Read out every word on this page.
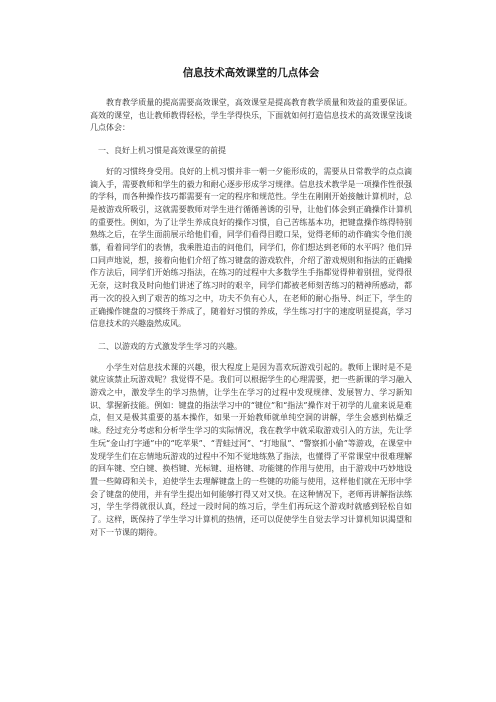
信息技术高效课堂的几点体会

教育教学质量的提高需要高效课堂，高效课堂是提高教育教学质量和效益的重要保证。高效的课堂，也让教师教得轻松，学生学得快乐，下面就如何打造信息技术的高效课堂浅谈几点体会：

一、良好上机习惯是高效课堂的前提

好的习惯终身受用。良好的上机习惯并非一朝一夕能形成的，需要从日常教学的点点滴滴入手，需要教师和学生的毅力和耐心逐步形成学习规律。信息技术教学是一项操作性很强的学科，而各种操作技巧都需要有一定的程序和规范性。学生在刚刚开始接触计算机时，总是被游戏所吸引，这就需要教师对学生进行循循善诱的引导，让他们体会到正确操作计算机的重要性。例如，为了让学生养成良好的操作习惯，自己苦练基本功，把键盘操作练得特别熟练之后，在学生面前展示给他们看，同学们看得目瞪口呆，觉得老师的动作确实令他们羡慕，看着同学们的表情，我乘胜追击的问他们，同学们，你们想达到老师的水平吗？他们异口同声地说，想，接着向他们介绍了练习键盘的游戏软件，介绍了游戏规则和指法的正确操作方法后，同学们开始练习指法，在练习的过程中大多数学生手指都觉得伸着别扭，觉得很无奈，这时我及时向他们讲述了练习时的艰辛，同学们都被老师刻苦练习的精神所感动，都再一次的投入到了艰苦的练习之中，功夫不负有心人，在老师的耐心指导、纠正下，学生的正确操作键盘的习惯终于养成了，随着好习惯的养成，学生练习打字的速度明显提高，学习信息技术的兴趣盎然成风。

二、以游戏的方式激发学生学习的兴趣。

小学生对信息技术课的兴趣，很大程度上是因为喜欢玩游戏引起的。教师上课时是不是就应该禁止玩游戏呢？我觉得不是。我们可以根据学生的心理需要，把一些新课的学习融入游戏之中，激发学生的学习热情，让学生在学习的过程中发现规律、发展智力、学习新知识、掌握新技能。例如：键盘的指法学习中的“键位”和“指法”操作对于初学的儿童来说是难点，但又是极其重要的基本操作，如果一开始教师就单纯空洞的讲解，学生会感到枯燥乏味。经过充分考虑和分析学生学习的实际情况，我在教学中就采取游戏引入的方法，先让学生玩“金山打字通”中的“吃苹果”、“青蛙过河”、“打地鼠”、“警察抓小偷”等游戏，在课堂中发现学生们在忘情地玩游戏的过程中不知不觉地练熟了指法，也懂得了平常课堂中很难理解的回车键、空白键、换档键、光标键、退格键、功能键的作用与使用，由于游戏中巧妙地设置一些障碍和关卡，迫使学生去理解键盘上的一些键的功能与使用，这样他们就在无形中学会了键盘的使用，并有学生提出如何能够打得又对又快。在这种情况下，老师再讲解指法练习，学生学得就很认真，经过一段时间的练习后，学生们再玩这个游戏时就感到轻松自如了。这样，既保持了学生学习计算机的热情，还可以促使学生自觉去学习计算机知识渴望和对下一节课的期待。
